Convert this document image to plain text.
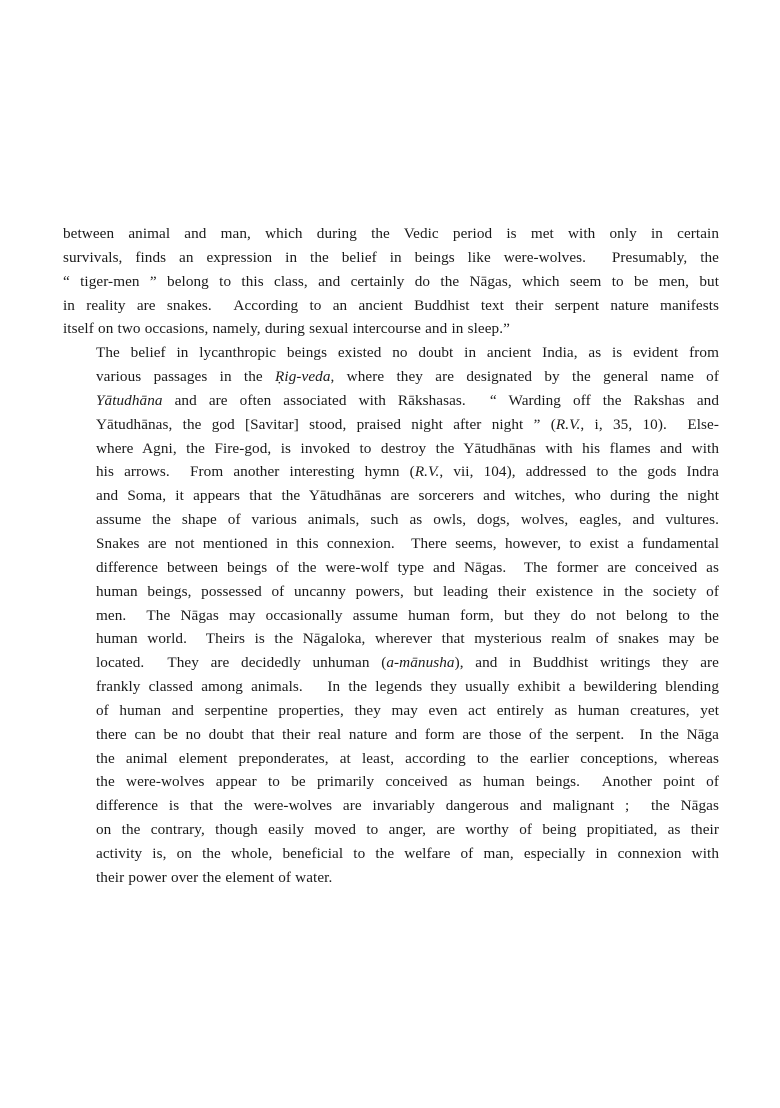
between animal and man, which during the Vedic period is met with only in certain
survivals, finds an expression in the belief in beings like were-wolves.  Presumably, the
“ tiger-men ” belong to this class, and certainly do the Nāgas, which seem to be men, but
in reality are snakes.  According to an ancient Buddhist text their serpent nature manifests
itself on two occasions, namely, during sexual intercourse and in sleep.”

The belief in lycanthropic beings existed no doubt in ancient India, as is evident from
various passages in the Ṛig-veda, where they are designated by the general name of
Yātudhāna and are often associated with Rākshasas.  “ Warding off the Rakshas and
Yātudhānas, the god [Savitar] stood, praised night after night ” (R.V., i, 35, 10).  Else-
where Agni, the Fire-god, is invoked to destroy the Yātudhānas with his flames and with
his arrows.  From another interesting hymn (R.V., vii, 104), addressed to the gods Indra
and Soma, it appears that the Yātudhānas are sorcerers and witches, who during the night
assume the shape of various animals, such as owls, dogs, wolves, eagles, and vultures.
Snakes are not mentioned in this connexion.  There seems, however, to exist a fundamental
difference between beings of the were-wolf type and Nāgas.  The former are conceived as
human beings, possessed of uncanny powers, but leading their existence in the society of
men.  The Nāgas may occasionally assume human form, but they do not belong to the
human world.  Theirs is the Nāgaloka, wherever that mysterious realm of snakes may be
located.  They are decidedly unhuman (a-mānusha), and in Buddhist writings they are
frankly classed among animals.   In the legends they usually exhibit a bewildering blending
of human and serpentine properties, they may even act entirely as human creatures, yet
there can be no doubt that their real nature and form are those of the serpent.  In the Nāga
the animal element preponderates, at least, according to the earlier conceptions, whereas
the were-wolves appear to be primarily conceived as human beings.  Another point of
difference is that the were-wolves are invariably dangerous and malignant ;  the Nāgas
on the contrary, though easily moved to anger, are worthy of being propitiated, as their
activity is, on the whole, beneficial to the welfare of man, especially in connexion with
their power over the element of water.
